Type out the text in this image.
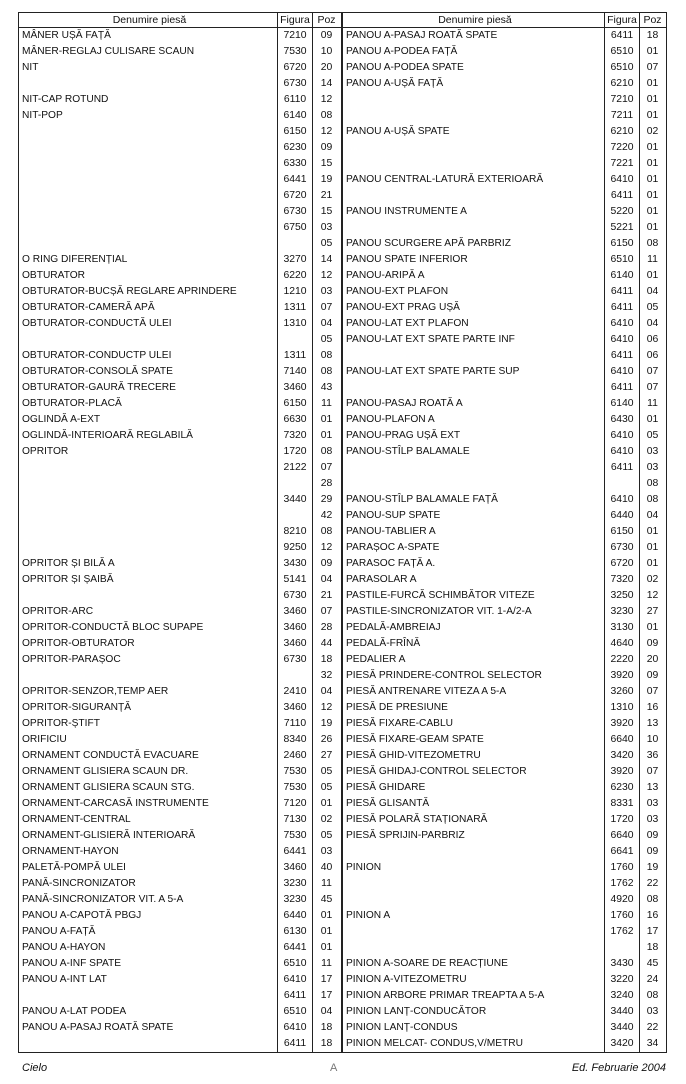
Denumire piesă	Figura Poz
MÂNER UȘĂ FAȚĂ	7210	09
MÂNER-REGLAJ CULISARE SCAUN	7530	10
NIT	6720	20
6730	14
NIT-CAP ROTUND	6110	12
NIT-POP	6140	08
6150	12
6230	09
6330	15
6441	19
6720	21
6730	15
6750	03
05
O RING DIFERENȚIAL	3270	14
OBTURATOR	6220	12
OBTURATOR-BUCȘĂ REGLARE APRINDERE	1210	03
OBTURATOR-CAMERĂ APĂ	1311	07
OBTURATOR-CONDUCTĂ ULEI	1310	04
05
OBTURATOR-CONDUCTP ULEI	1311	08
OBTURATOR-CONSOLĂ SPATE	7140	08
OBTURATOR-GAURĂ TRECERE	3460	43
OBTURATOR-PLACĂ	6150	11
OGLINDĂ A-EXT	6630	01
OGLINDĂ-INTERIOARĂ REGLABILĂ	7320	01
OPRITOR	1720	08
2122	07
28
3440	29
42
8210	08
9250	12
OPRITOR ȘI BILĂ A	3430	09
OPRITOR ȘI ȘAIBĂ	5141	04
6730	21
OPRITOR-ARC	3460	07
OPRITOR-CONDUCTĂ BLOC SUPAPE	3460	28
OPRITOR-OBTURATOR	3460	44
OPRITOR-PARAȘOC	6730	18
32
OPRITOR-SENZOR,TEMP AER	2410	04
OPRITOR-SIGURANȚĂ	3460	12
OPRITOR-ȘTIFT	7110	19
ORIFICIU	8340	26
ORNAMENT CONDUCTĂ EVACUARE	2460	27
ORNAMENT GLISIERA SCAUN DR.	7530	05
ORNAMENT GLISIERA SCAUN STG.	7530	05
ORNAMENT-CARCASĂ INSTRUMENTE	7120	01
ORNAMENT-CENTRAL	7130	02
ORNAMENT-GLISIERĂ INTERIOARĂ	7530	05
ORNAMENT-HAYON	6441	03
PALETĂ-POMPĂ ULEI	3460	40
PANĂ-SINCRONIZATOR	3230	11
PANĂ-SINCRONIZATOR VIT. A 5-A	3230	45
PANOU A-CAPOTĂ PBGJ	6440	01
PANOU A-FAȚĂ	6130	01
PANOU A-HAYON	6441	01
PANOU A-INF SPATE	6510	11
PANOU A-INT LAT	6410	17
6411	17
PANOU A-LAT PODEA	6510	04
PANOU A-PASAJ ROATĂ SPATE	6410	18
6411	18
Denumire piesă	Figura Poz
PANOU A-PASAJ ROATĂ SPATE	6411	18
PANOU A-PODEA FAȚĂ	6510	01
PANOU A-PODEA SPATE	6510	07
PANOU A-UȘĂ FAȚĂ	6210	01
7210	01
7211	01
PANOU A-UȘĂ SPATE	6210	02
7220	01
7221	01
PANOU CENTRAL-LATURĂ EXTERIOARĂ	6410	01
6411	01
PANOU INSTRUMENTE A	5220	01
5221	01
PANOU SCURGERE APĂ PARBRIZ	6150	08
PANOU SPATE INFERIOR	6510	11
PANOU-ARIPĂ A	6140	01
PANOU-EXT PLAFON	6411	04
PANOU-EXT PRAG UȘĂ	6411	05
PANOU-LAT EXT PLAFON	6410	04
PANOU-LAT EXT SPATE PARTE INF	6410	06
6411	06
PANOU-LAT EXT SPATE PARTE SUP	6410	07
6411	07
PANOU-PASAJ ROATĂ A	6140	11
PANOU-PLAFON A	6430	01
PANOU-PRAG UȘĂ EXT	6410	05
PANOU-STÎLP BALAMALE	6410	03
6411	03
08
PANOU-STÎLP BALAMALE FAȚĂ	6410	08
PANOU-SUP SPATE	6440	04
PANOU-TABLIER A	6150	01
PARAȘOC A-SPATE	6730	01
PARASOC FAȚĂ A.	6720	01
PARASOLAR A	7320	02
PASTILE-FURCĂ SCHIMBĂTOR VITEZE	3250	12
PASTILE-SINCRONIZATOR VIT. 1-A/2-A	3230	27
PEDALĂ-AMBREIAJ	3130	01
PEDALĂ-FRÎNĂ	4640	09
PEDALIER A	2220	20
PIESĂ PRINDERE-CONTROL SELECTOR	3920	09
PIESĂ ANTRENARE VITEZA A 5-A	3260	07
PIESĂ DE PRESIUNE	1310	16
PIESĂ FIXARE-CABLU	3920	13
PIESĂ FIXARE-GEAM SPATE	6640	10
PIESĂ GHID-VITEZOMETRU	3420	36
PIESĂ GHIDAJ-CONTROL SELECTOR	3920	07
PIESĂ GHIDARE	6230	13
PIESĂ GLISANTĂ	8331	03
PIESĂ POLARĂ STAȚIONARĂ	1720	03
PIESĂ SPRIJIN-PARBRIZ	6640	09
6641	09
PINION	1760	19
1762	22
4920	08
PINION A	1760	16
1762	17
18
PINION A-SOARE DE REACȚIUNE	3430	45
PINION A-VITEZOMETRU	3220	24
PINION ARBORE PRIMAR TREAPTA A 5-A	3240	08
PINION LANȚ-CONDUCĂTOR	3440	03
PINION LANȚ-CONDUS	3440	22
PINION MELCAT- CONDUS,V/METRU	3420	34
Cielo	A	Ed. Februarie 2004
